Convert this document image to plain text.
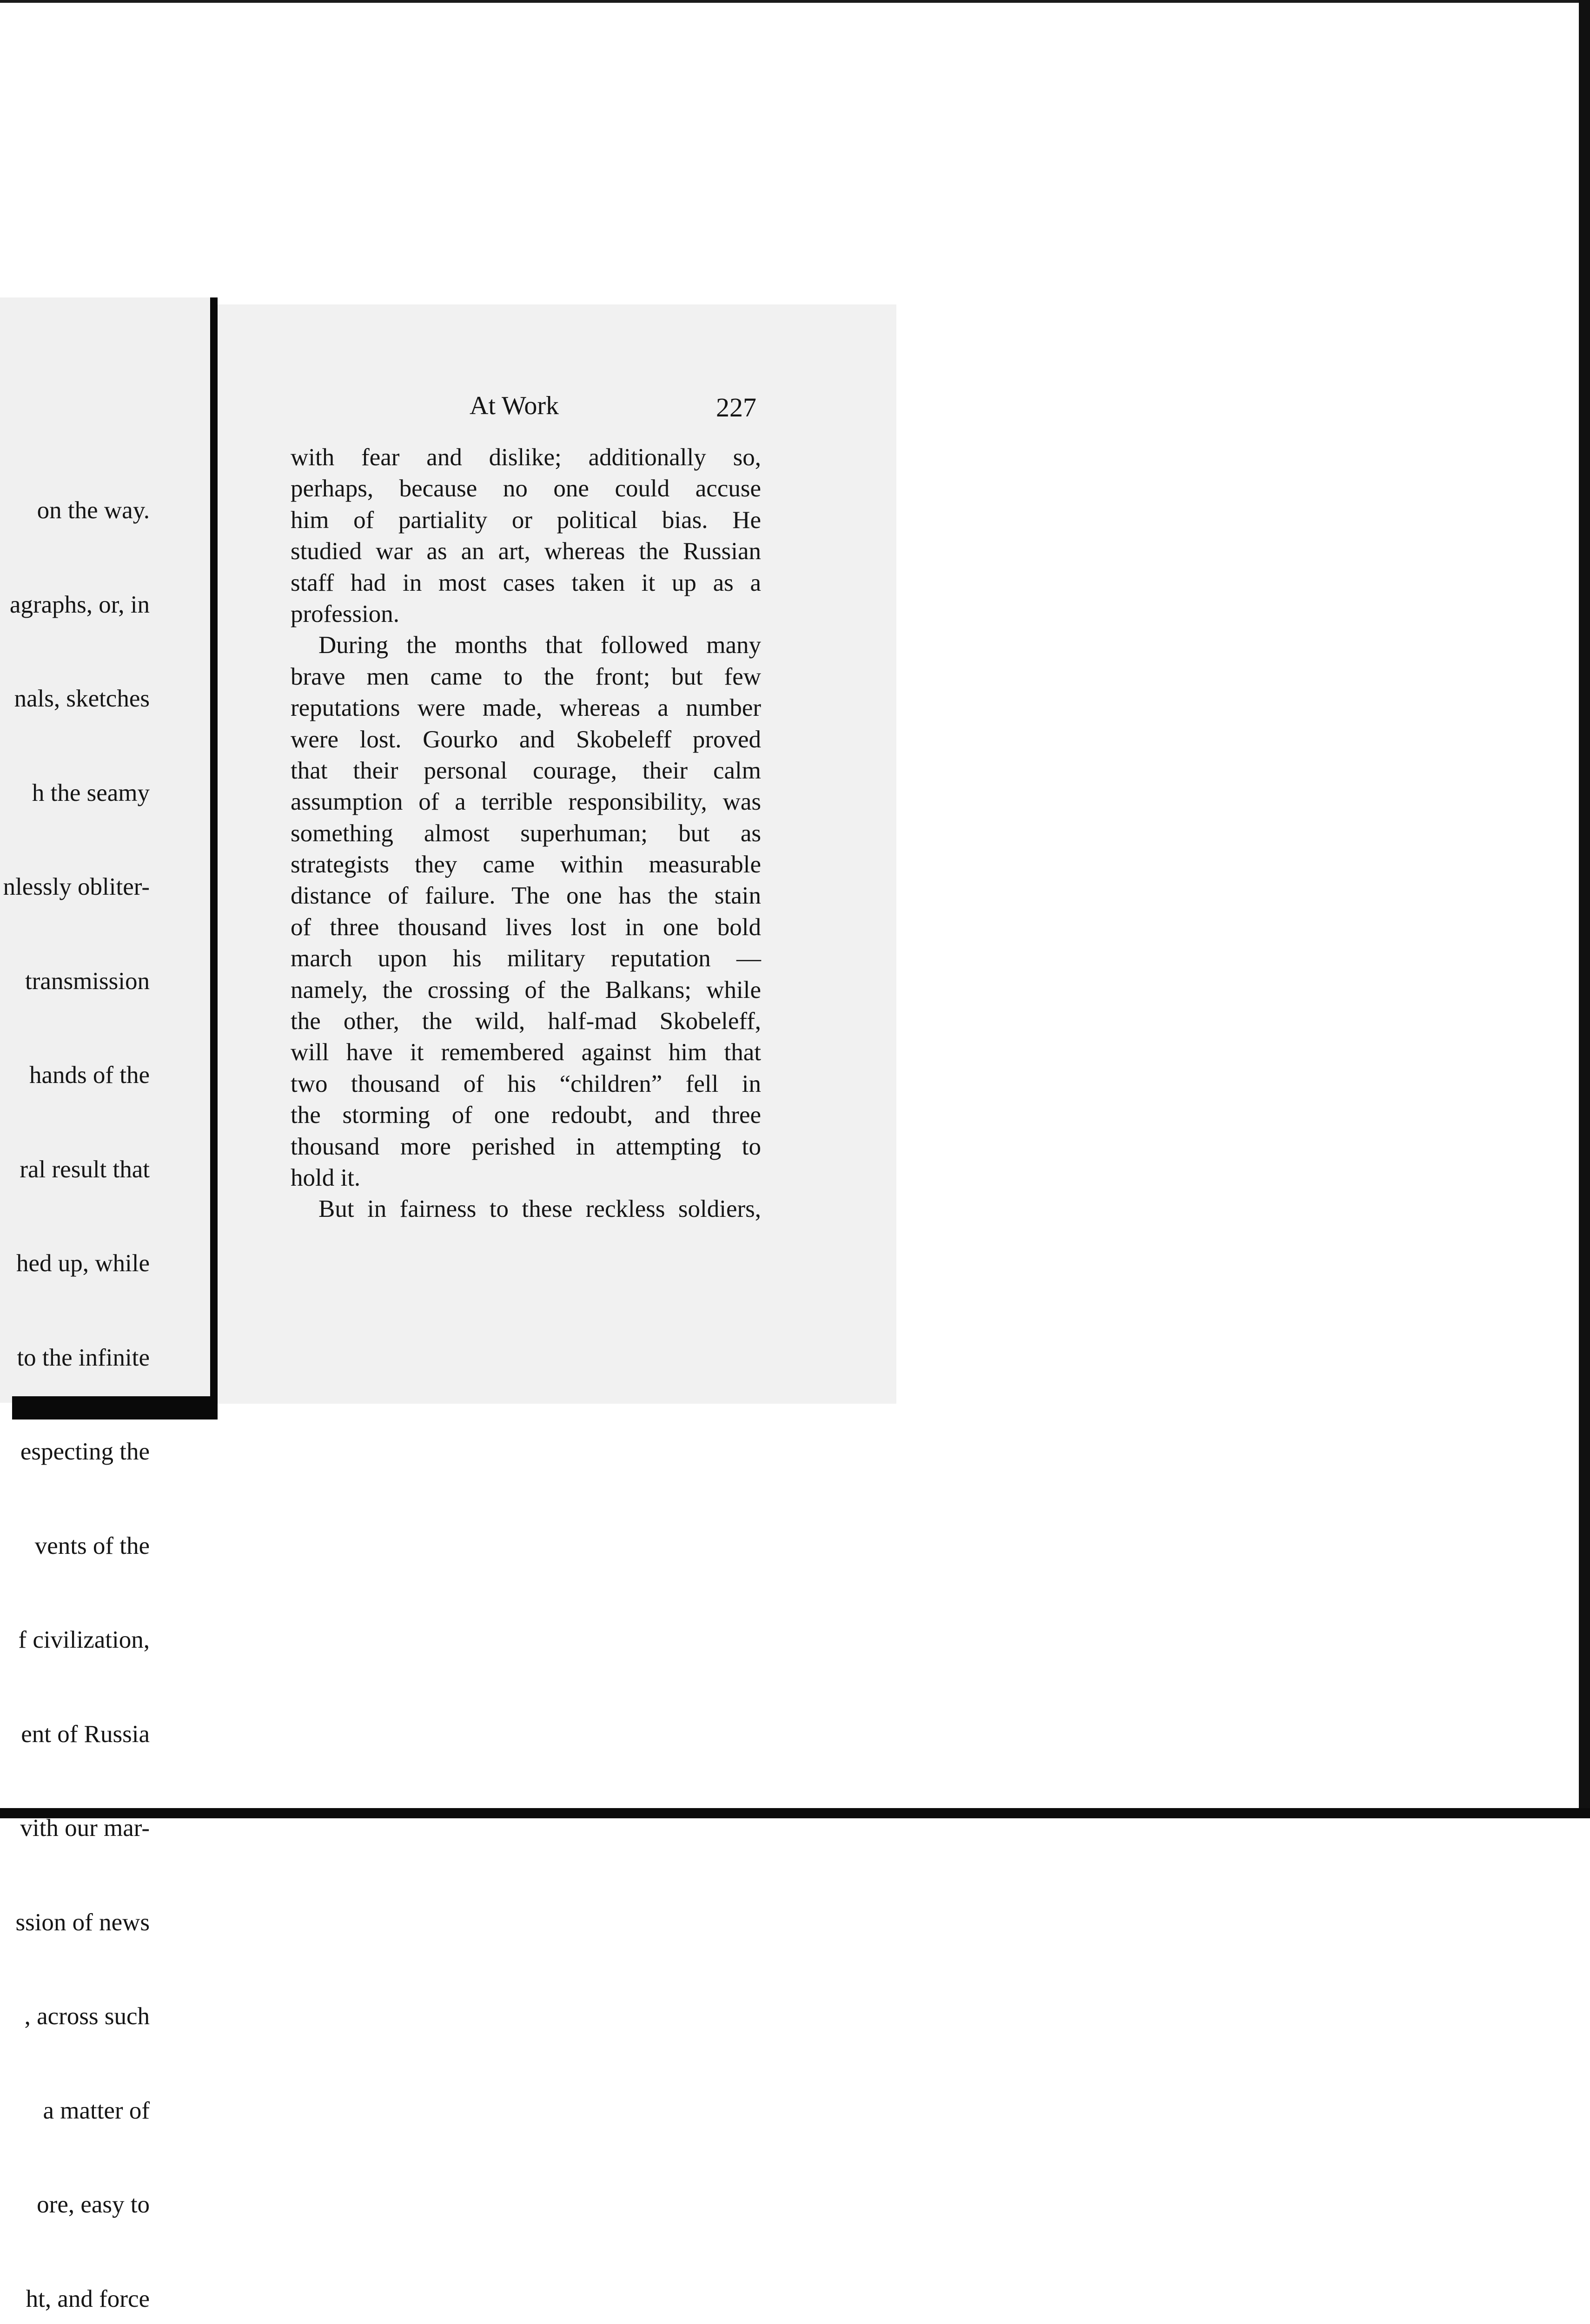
on the way.

agraphs, or, in

nals, sketches

h the seamy

nlessly obliter-

transmission

hands of the

ral result that

hed up, while

to the infinite

especting the

vents of the

f civilization,

ent of Russia

vith our mar-

ssion of news

, across such

a matter of

ore, easy to

ht, and force

At Work	227
with fear and dislike; additionally so,
perhaps, because no one could accuse
him of partiality or political bias. He
studied war as an art, whereas the Russian
staff had in most cases taken it up as a
profession.
During the months that followed many
brave men came to the front; but few
reputations were made, whereas a number
were lost. Gourko and Skobeleff proved
that their personal courage, their calm
assumption of a terrible responsibility, was
something almost superhuman; but as
strategists they came within measurable
distance of failure. The one has the stain
of three thousand lives lost in one bold
march upon his military reputation —
namely, the crossing of the Balkans; while
the other, the wild, half-mad Skobeleff,
will have it remembered against him that
two thousand of his “children” fell in
the storming of one redoubt, and three
thousand more perished in attempting to
hold it.
But in fairness to these reckless soldiers,
